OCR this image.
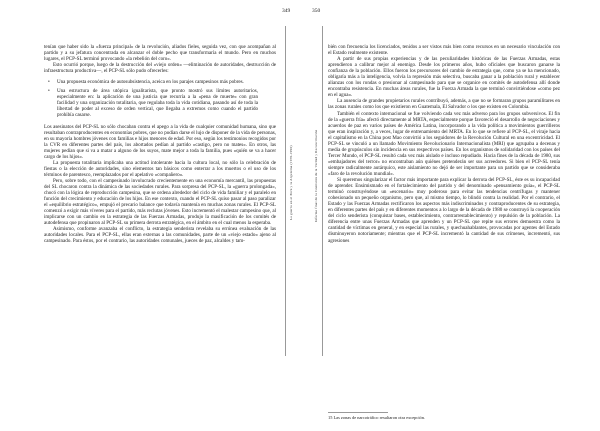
349
La guerra en el Perú y la Argentina (1970-1990)

tenían que haber sido la «fuerza principal» de la revolución, aliados fieles, seguida vez, con que acompañan al partido y a su jefatura concentrada en alcanzar el doble pecho que transformaría el mundo. Pero en muchos lugares, el PCP-SL terminó provocando «la rebelión del coro».

Esto ocurrió porque, luego de la destrucción del «viejo orden» —eliminación de autoridades, destrucción de infraestructura productiva—, el PCP-SL sólo pudo ofrecerles:

• Una propuesta económica de autosubsistencia, aceica en los parajes campesinos más pobres.
• Una estructura de área utópica igualitarista, que pronto mostró sus límites autoritarios, especialmente en: la aplicación de una justicia que recurría a la «pena de muerte» con gran facilidad y una organización totalitaria, que regulaba toda la vida cotidiana, pasando así de toda la libertad de poder al exceso de orden vertical, que llegaba a extremos como cuando el partido prohibía casarse.

Los asesinatos del PCP-SL no sólo chocaban contra el apego a la vida de cualquier comunidad humana, sino que resultaban contraproducentes en economías pobres, que no podían darse el lujo de disponer de la vida de personas, en su mayoría hombres jóvenes con familias e hijos menores de edad. Por eso, según los testimonios recogidos por la CVR en diferentes partes del país, los abortados pedían al partido «castigo, pero no mates». En otros, las mujeres pedían que si va a matar a alguno de los suyos, mate mejor a toda la familia, pues «quién se va a hacer cargo de los hijos».

La propuesta totalitaria implicaba una actitud intolerante hacia la cultura local, no sólo la celebración de fiestas o la elección de autoridades, sino elementos tan básicos como enterrar a los muertos o el uso de los términos de parentesco, reemplazados por el apelativo «compañero».

Pero, sobre todo, con el campesinado involucrado crecientemente en una economía mercantil, las propuestas del SL chocaron contra la dinámica de las sociedades rurales. Para sorpresa del PCP-SL, la «guerra prolongada», chocó con la lógica de reproducción campesina, que se ordena alrededor del ciclo de vida familiar y el paralelo en función del crecimiento y educación de los hijos. En ese contexto, cuando el PCP-SL quiso pasar al paso paralizar el «equilibrio estratégico», empujó el precario balance que todavía mantenía en muchas zonas rurales. El PCP-SL comenzó a exigir más víveres para el partido, más reclutas jóvenes. Esto incrementó el malestar campesino que, al implicarse con un cambio en la estrategia de las Fuerzas Armadas, produjo la masificación de los comités de autodefensa que propinaron al PCP-SL su primera derrota estratégica, en el ámbito en el cual menos la esperaba.

Asimismo, conforme avanzaba el conflicto, la estrategia senderista revelaba su errónea evaluación de las autoridades locales. Para el PCP-SL, ellas eran externas a las comunidades, parte de un «viejo estado» ajeno al campesinado. Para éstos, por el contrario, las autoridades comunales, jueces de paz, alcaldes y tam-

350
Informe final de la Comisión de la Verdad y Reconciliación

bién con frecuencia los licenciados, tenidos a ser vistos más bien como recursos en un necesario vinculación con el Estado realmente existente.

A partir de sus propias experiencias y de las peculiaridades históricas de las Fuerzas Armadas, estas aprendieron a calibrar mejor al enemigo. Desde los primeros años, hubo oficiales que buscaron ganarse la confianza de la población. Ellos fueron los precursores del cambio de estrategia que, como ya se ha mencionado, obligaría más a la inteligencia, volvía la represión más selectiva, buscaba ganar a la población rural y establecer alianzas con los rondas o presionar al campesinado para que se organice en comités de autodefensa allí donde encontraba resistencia. En muchas áreas rurales, fue la Fuerza Armada la que terminó convirtiéndose «como pez en el agua».

La ausencia de grandes propietarios rurales contribuyó, además, a que no se formaran grupos paramilitares en las zonas rurales como los que existieron en Guatemala, El Salvador o los que existen en Colombia.

También el contexto internacional se fue volviendo cada vez más adverso para los grupos subversivos. El fin de la «guerra fría» afectó directamente al MRTA, especialmente porque favoreció el desarrollo de negociaciones y acuerdos de paz en varios países de América Latina, incorporando a la vida política a movimientos guerrilleros que eran inspiración y, a veces, lugar de entrenamiento del MRTA. En lo que se refiere al PCP-SL, el viraje hacia el capitalismo en la China post Mao convirtió a los seguidores de la Revolución Cultural en una excentricidad. El PCP-SL se vinculó a un llamado Movimiento Revolucionario Internacionalista (MRI) que agrupaba a decenas y media de grupúsculos sin incidencia en sus respectivos países. En los organismos de solidaridad con los países del Tercer Mundo, el PCP-SL resultó cada vez más aislado e incluso repudiado. Hacia fines de la década de 1980, sus «embajadores del terror» no encontraban aún quiénes pretenderán ser sus acreedores. Si bien el PCP-SL tenía siempre radicalmente autárquico, este aislamiento no dejó de ser importante para un partido que se consideraba «faro de la revolución mundial».

Si queremos singularizar el factor más importante para explicar la derrota del PCP-SL, éste es su incapacidad de aprender. Ensimismado en el fortalecimiento del partido y del denominado «pensamiento guía», el PCP-SL terminó construyéndose un «escenario» muy poderoso para evitar las tendencias centrífugas y mantener cohesionado un pequeño organismo, pero que, al mismo tiempo, lo blindó contra la realidad. Por el contrario, el Estado y las Fuerzas Armadas rectificaron los aspectos más indiscriminados y contraproducentes de su estrategia, en diferentes partes del país y en diferentes momentos a lo largo de la década de 1980 se construyó la cooperación del ciclo senderista (conquistar bases, establecimiento, contrarrestablecimiento) y repulsión de la población. La diferencia entre unas Fuerzas Armadas que aprenden y un PCP-SL que repite sus errores demuestra como la cantidad de víctimas en general, y en especial las rurales, y quechuahablantes, provocadas por agentes del Estado disminuyeron notoriamente; mientras que el PCP-SL incrementó la cantidad de sus crímenes, incrementó, sus agresiones

15 Las zonas de narcotráfico resultaron otra excepción.
